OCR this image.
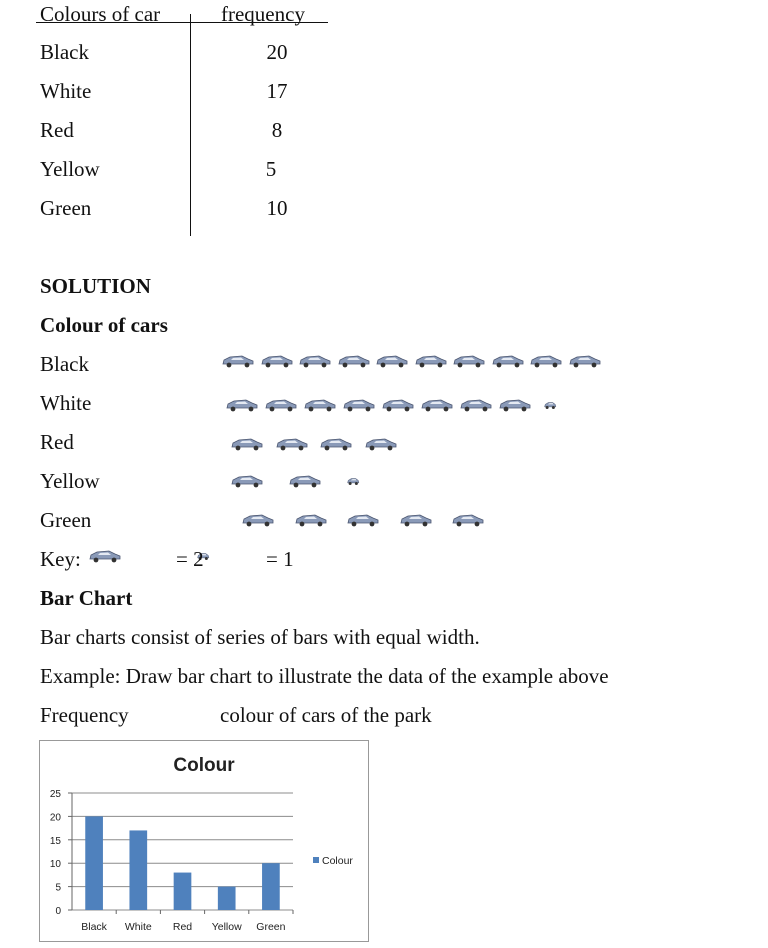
Colours of car	frequency
Black	20
White	17
Red	8
Yellow	5
Green	10
SOLUTION
Colour of cars
Black
White
Red
Yellow
Green
Key:	= 2	= 1
Bar Chart
Bar charts consist of series of bars with equal width.
Example: Draw bar chart to illustrate the data of the example above
Frequency	colour of cars of the park
Colour
0
5
10
15
20
25
Black White Red Yellow Green
Colour
